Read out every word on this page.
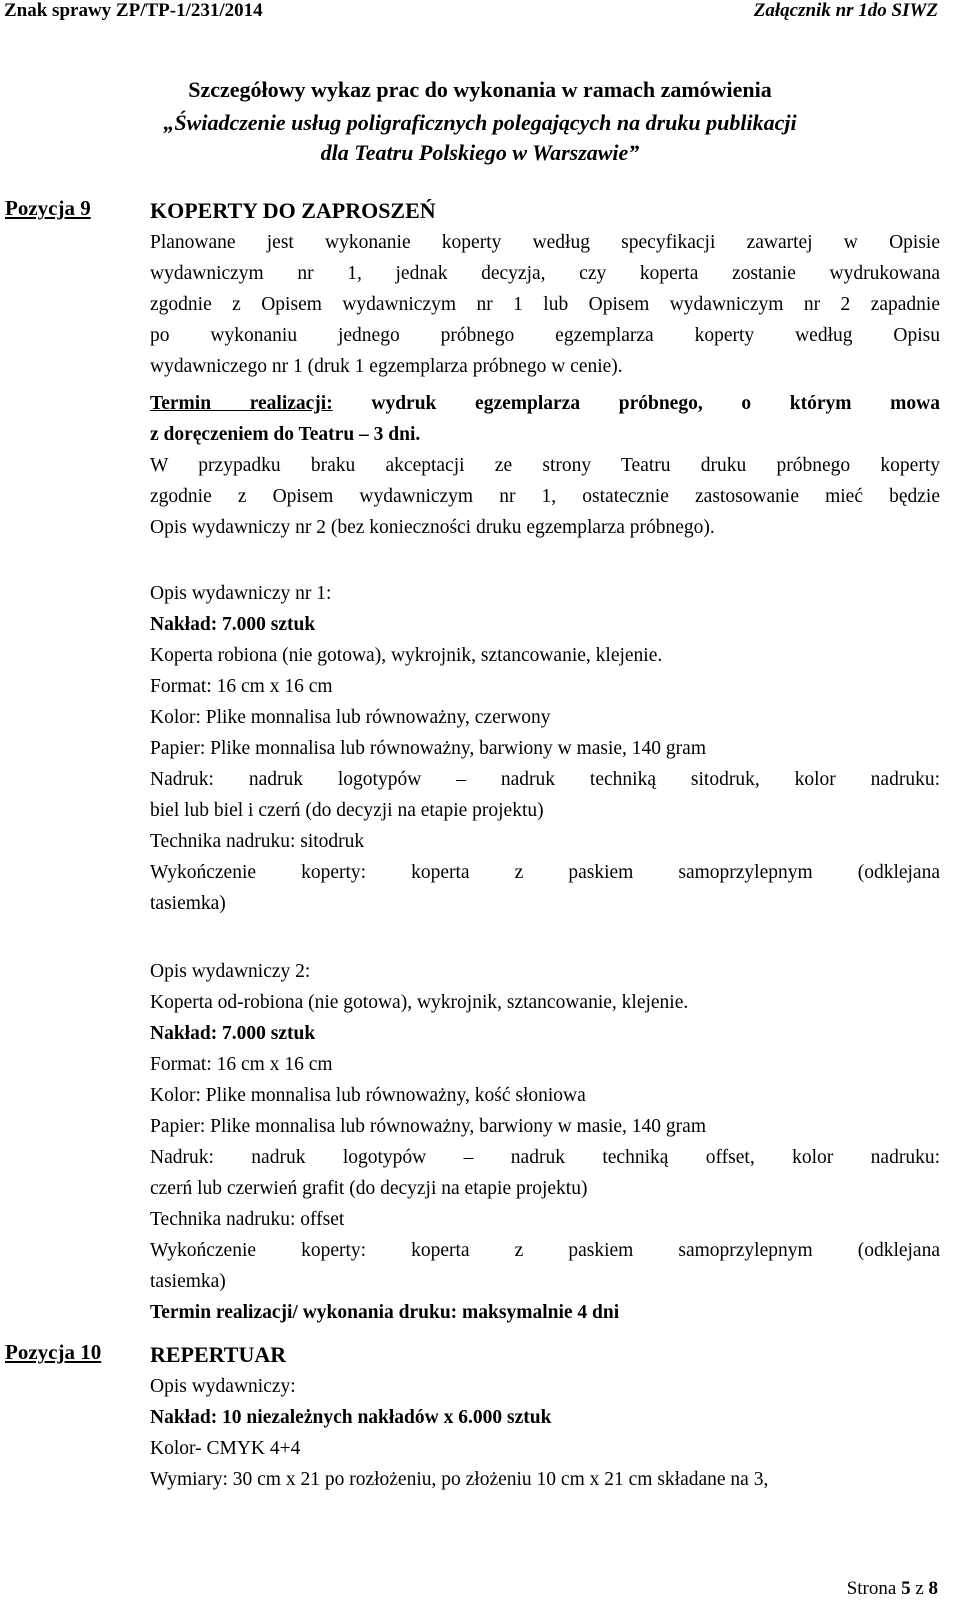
Znak sprawy ZP/TP-1/231/2014	Załącznik nr 1do SIWZ
Szczegółowy wykaz prac do wykonania w ramach zamówienia
„Świadczenie usług poligraficznych polegających na druku publikacji
dla Teatru Polskiego w Warszawie”
Pozycja 9	KOPERTY DO ZAPROSZEŃ

Planowane jest wykonanie koperty według specyfikacji zawartej w Opisie

wydawniczym nr 1, jednak decyzja, czy koperta zostanie wydrukowana

zgodnie z Opisem wydawniczym nr 1 lub Opisem wydawniczym nr 2 zapadnie

po wykonaniu jednego próbnego egzemplarza koperty według Opisu

wydawniczego nr 1 (druk 1 egzemplarza próbnego w cenie).

Termin realizacji: wydruk egzemplarza próbnego, o którym mowa

z doręczeniem do Teatru – 3 dni.

W przypadku braku akceptacji ze strony Teatru druku próbnego koperty

zgodnie z Opisem wydawniczym nr 1, ostatecznie zastosowanie mieć będzie

Opis wydawniczy nr 2 (bez konieczności druku egzemplarza próbnego).

Opis wydawniczy nr 1:

Nakład: 7.000 sztuk

Koperta robiona (nie gotowa), wykrojnik, sztancowanie, klejenie.

Format: 16 cm x 16 cm

Kolor: Plike monnalisa lub równoważny, czerwony

Papier: Plike monnalisa lub równoważny, barwiony w masie, 140 gram

Nadruk: nadruk logotypów – nadruk techniką sitodruk, kolor nadruku:

biel lub biel i czerń (do decyzji na etapie projektu)

Technika nadruku: sitodruk

Wykończenie koperty: koperta z paskiem samoprzylepnym (odklejana

tasiemka)

Opis wydawniczy 2:

Koperta od-robiona (nie gotowa), wykrojnik, sztancowanie, klejenie.

Nakład: 7.000 sztuk

Format: 16 cm x 16 cm

Kolor: Plike monnalisa lub równoważny, kość słoniowa

Papier: Plike monnalisa lub równoważny, barwiony w masie, 140 gram

Nadruk: nadruk logotypów – nadruk techniką offset, kolor nadruku:

czerń lub czerwień grafit (do decyzji na etapie projektu)

Technika nadruku: offset

Wykończenie koperty: koperta z paskiem samoprzylepnym (odklejana

tasiemka)

Termin realizacji/ wykonania druku: maksymalnie 4 dni

Pozycja 10 REPERTUAR

Opis wydawniczy:

Nakład: 10 niezależnych nakładów x 6.000 sztuk

Kolor- CMYK 4+4

Wymiary: 30 cm x 21 po rozłożeniu, po złożeniu 10 cm x 21 cm składane na 3,

Strona 5 z 8
